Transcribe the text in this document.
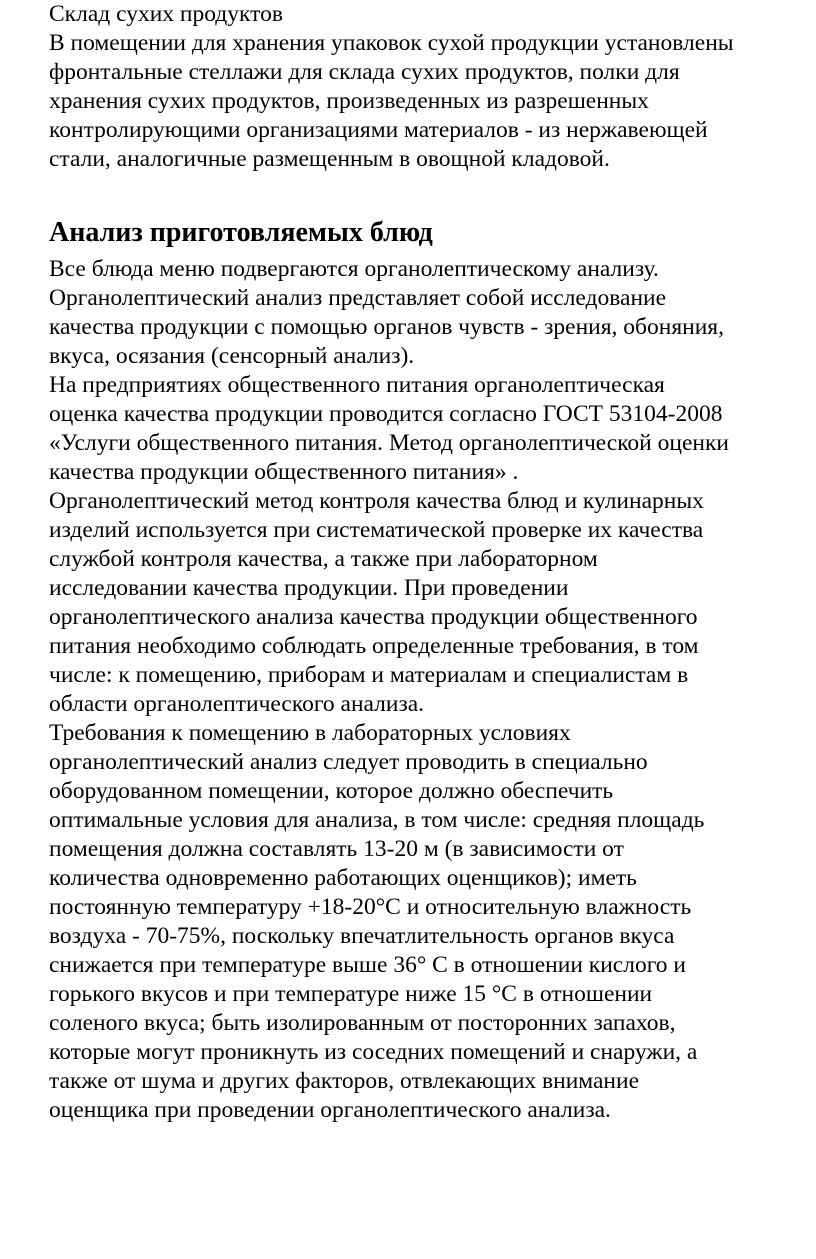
Склад сухих продуктов
В помещении для хранения упаковок сухой продукции установлены
фронтальные стеллажи для склада сухих продуктов, полки для
хранения сухих продуктов, произведенных из разрешенных
контролирующими организациями материалов - из нержавеющей
стали, аналогичные размещенным в овощной кладовой.
Анализ приготовляемых блюд
Все блюда меню подвергаются органолептическому анализу.
Органолептический анализ представляет собой исследование
качества продукции с помощью органов чувств - зрения, обоняния,
вкуса, осязания (сенсорный анализ).
На предприятиях общественного питания органолептическая
оценка качества продукции проводится согласно ГОСТ 53104-2008
«Услуги общественного питания. Метод органолептической оценки
качества продукции общественного питания» .
Органолептический метод контроля качества блюд и кулинарных
изделий используется при систематической проверке их качества
службой контроля качества, а также при лабораторном
исследовании качества продукции. При проведении
органолептического анализа качества продукции общественного
питания необходимо соблюдать определенные требования, в том
числе: к помещению, приборам и материалам и специалистам в
области органолептического анализа.
Требования к помещению в лабораторных условиях
органолептический анализ следует проводить в специально
оборудованном помещении, которое должно обеспечить
оптимальные условия для анализа, в том числе: средняя площадь
помещения должна составлять 13-20 м (в зависимости от
количества одновременно работающих оценщиков); иметь
постоянную температуру +18-20°С и относительную влажность
воздуха - 70-75%, поскольку впечатлительность органов вкуса
снижается при температуре выше 36° С в отношении кислого и
горького вкусов и при температуре ниже 15 °С в отношении
соленого вкуса; быть изолированным от посторонних запахов,
которые могут проникнуть из соседних помещений и снаружи, а
также от шума и других факторов, отвлекающих внимание
оценщика при проведении органолептического анализа.
